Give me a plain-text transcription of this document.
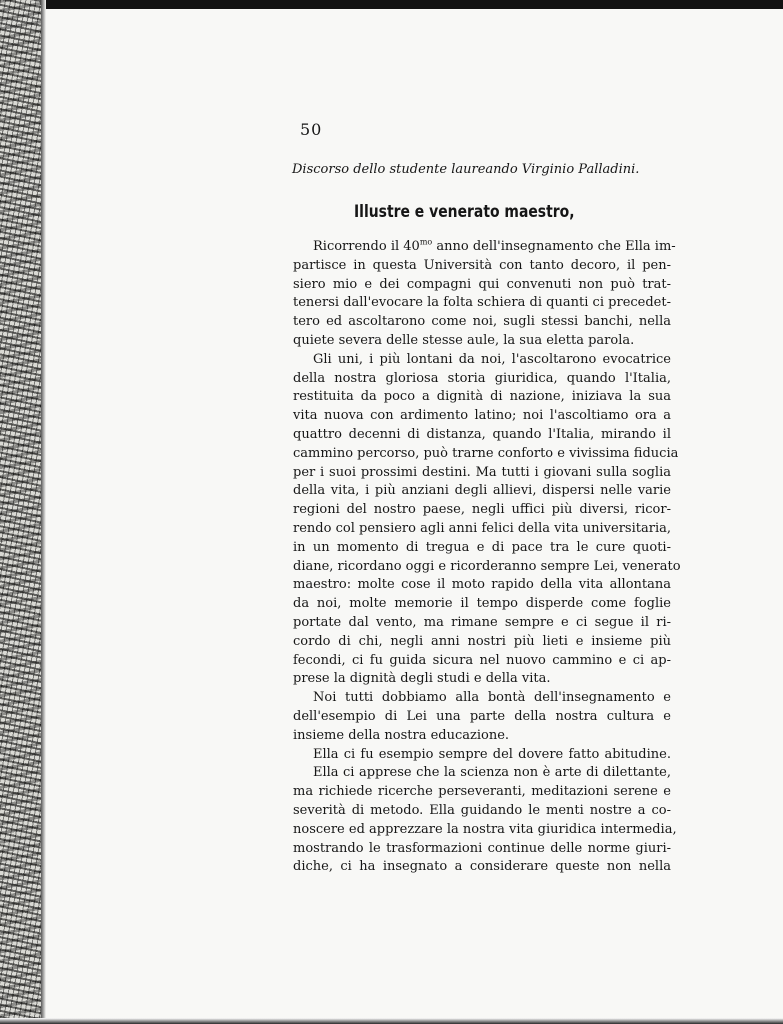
50
Discorso dello studente laureando Virginio Palladini.
Illustre e venerato maestro,
Ricorrendo il $40^{mo}$ anno dell'insegnamento che Ella im-
partisce in questa Università con tanto decoro, il pen-
siero mio e dei compagni qui convenuti non può trat-
tenersi dall'evocare la folta schiera di quanti ci precedet-
tero ed ascoltarono come noi, sugli stessi banchi, nella
quiete severa delle stesse aule, la sua eletta parola.
Gli uni, i più lontani da noi, l'ascoltarono evocatrice
della nostra gloriosa storia giuridica, quando l'Italia,
restituita da poco a dignità di nazione, iniziava la sua
vita nuova con ardimento latino; noi l'ascoltiamo ora a
quattro decenni di distanza, quando l'Italia, mirando il
cammino percorso, può trarne conforto e vivissima fiducia
per i suoi prossimi destini. Ma tutti i giovani sulla soglia
della vita, i più anziani degli allievi, dispersi nelle varie
regioni del nostro paese, negli uffici più diversi, ricor-
rendo col pensiero agli anni felici della vita universitaria,
in un momento di tregua e di pace tra le cure quoti-
diane, ricordano oggi e ricorderanno sempre Lei, venerato
maestro: molte cose il moto rapido della vita allontana
da noi, molte memorie il tempo disperde come foglie
portate dal vento, ma rimane sempre e ci segue il ri-
cordo di chi, negli anni nostri più lieti e insieme più
fecondi, ci fu guida sicura nel nuovo cammino e ci ap-
prese la dignità degli studi e della vita.
Noi tutti dobbiamo alla bontà dell'insegnamento e
dell'esempio di Lei una parte della nostra cultura e
insieme della nostra educazione.
Ella ci fu esempio sempre del dovere fatto abitudine.
Ella ci apprese che la scienza non è arte di dilettante,
ma richiede ricerche perseveranti, meditazioni serene e
severità di metodo. Ella guidando le menti nostre a co-
noscere ed apprezzare la nostra vita giuridica intermedia,
mostrando le trasformazioni continue delle norme giuri-
diche, ci ha insegnato a considerare queste non nella
